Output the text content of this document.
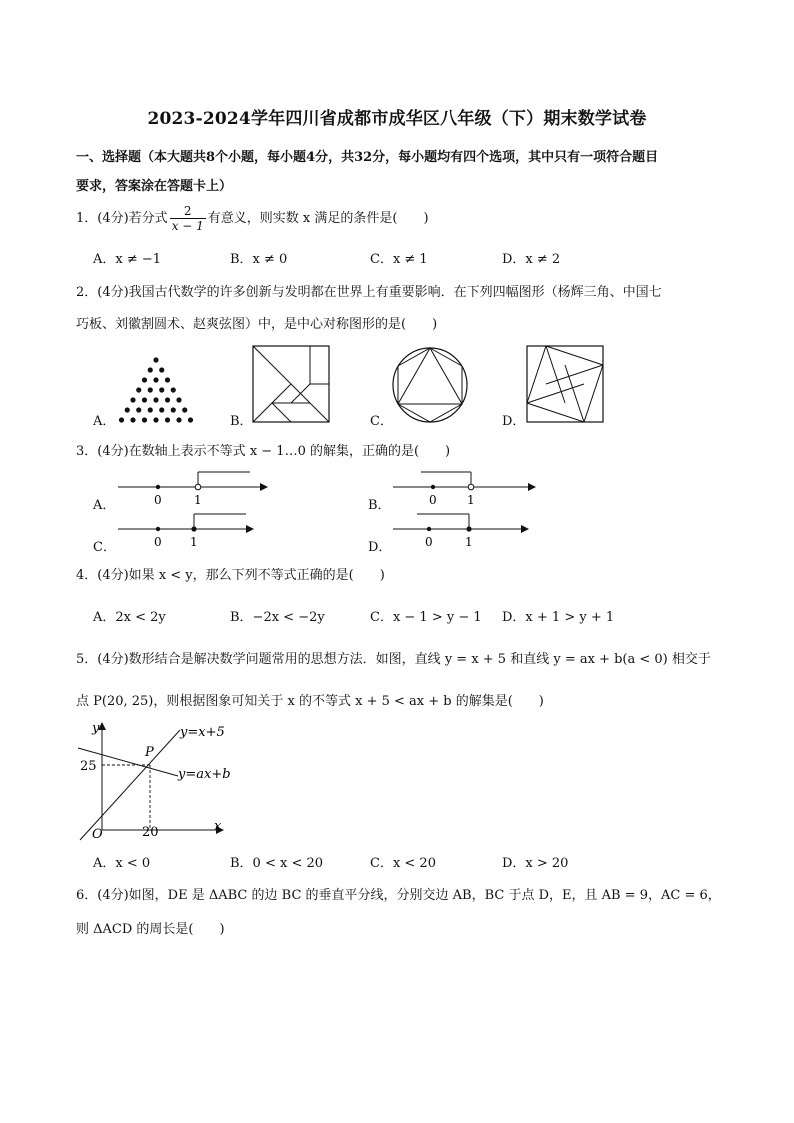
2023-2024学年四川省成都市成华区八年级（下）期末数学试卷
一、选择题（本大题共8个小题，每小题4分，共32分，每小题均有四个选项，其中只有一项符合题目
要求，答案涂在答题卡上）
1．(4分)若分式 $\frac{2}{x - 1}$ 有意义，则实数 x 满足的条件是(　　)
A．x ≠ −1	B．x ≠ 0	C．x ≠ 1	D．x ≠ 2
2．(4分)我国古代数学的许多创新与发明都在世界上有重要影响．在下列四幅图形（杨辉三角、中国七
巧板、刘徽割圆术、赵爽弦图）中，是中心对称图形的是(　　)
A．	B．	C．	D．
3．(4分)在数轴上表示不等式 x − 1…0 的解集，正确的是(　　)
A．	0	1	B．	0	1
C．	0 1	D．	0	1
4．(4分)如果 x < y，那么下列不等式正确的是(　　)
A．2x < 2y	B．−2x < −2y	C．x − 1 > y − 1 D．x + 1 > y + 1
5．(4分)数形结合是解决数学问题常用的思想方法．如图，直线 y = x + 5 和直线 y = ax + b(a < 0) 相交于
点 P(20, 25)，则根据图象可知关于 x 的不等式 x + 5 < ax + b 的解集是(　　)
y
x
O
P
25
20
y=x+5
y=ax+b
A．x < 0	B．0 < x < 20	C．x < 20	D．x > 20
6．(4分)如图，DE 是 ΔABC 的边 BC 的垂直平分线，分别交边 AB，BC 于点 D，E，且 AB = 9，AC = 6，
则 ΔACD 的周长是(　　)
